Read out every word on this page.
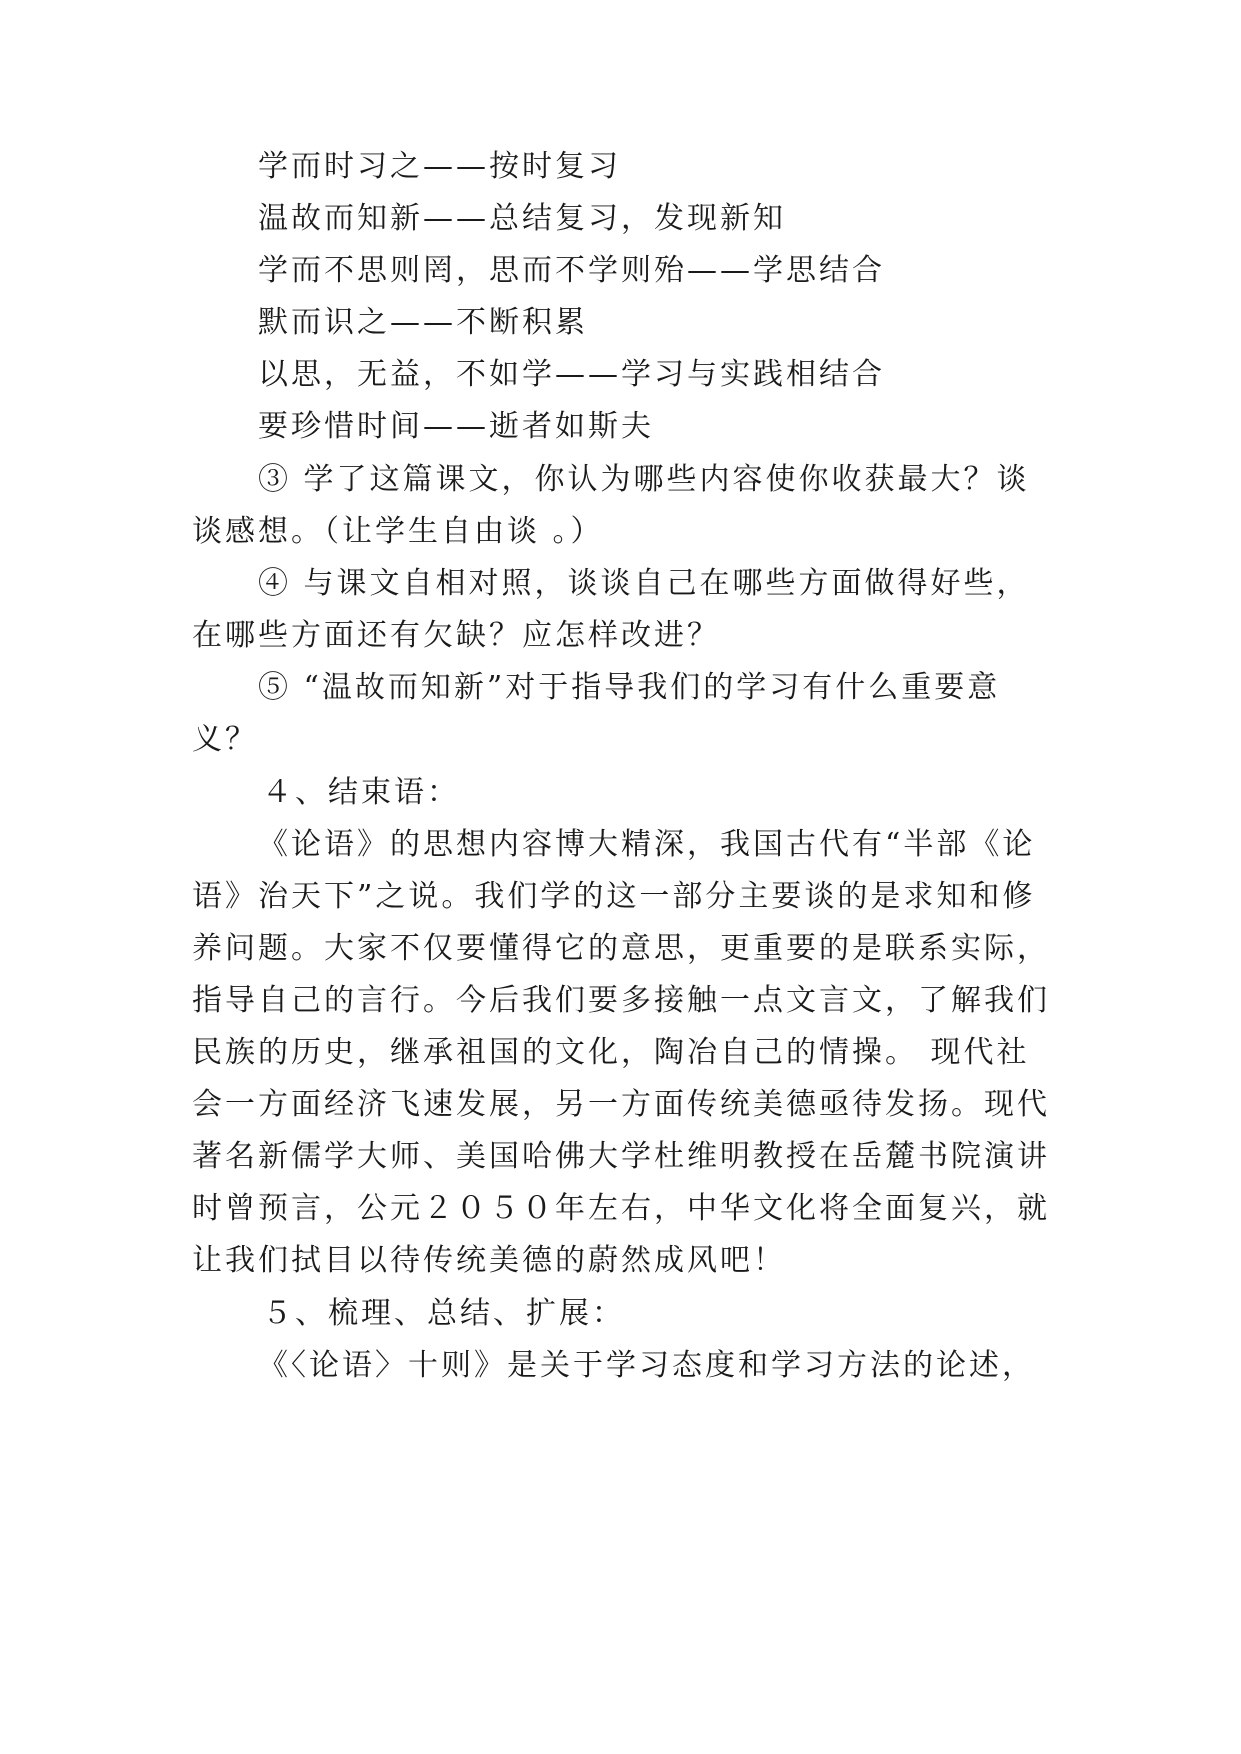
学而时习之——按时复习
温故而知新——总结复习，发现新知
学而不思则罔，思而不学则殆——学思结合
默而识之——不断积累
以思，无益，不如学——学习与实践相结合
要珍惜时间——逝者如斯夫
③ 学了这篇课文，你认为哪些内容使你收获最大？谈
谈感想。（让学生自由谈 。）
④ 与课文自相对照，谈谈自己在哪些方面做得好些，
在哪些方面还有欠缺？应怎样改进？
⑤ “温故而知新”对于指导我们的学习有什么重要意
义？
４、结束语：
《论语》的思想内容博大精深，我国古代有“半部《论
语》治天下”之说。我们学的这一部分主要谈的是求知和修
养问题。大家不仅要懂得它的意思，更重要的是联系实际，
指导自己的言行。今后我们要多接触一点文言文，了解我们
民族的历史，继承祖国的文化，陶冶自己的情操。 现代社
会一方面经济飞速发展，另一方面传统美德亟待发扬。现代
著名新儒学大师、美国哈佛大学杜维明教授在岳麓书院演讲
时曾预言，公元２０５０年左右，中华文化将全面复兴，就
让我们拭目以待传统美德的蔚然成风吧！
５、梳理、总结、扩展：
《〈论语〉十则》是关于学习态度和学习方法的论述，
